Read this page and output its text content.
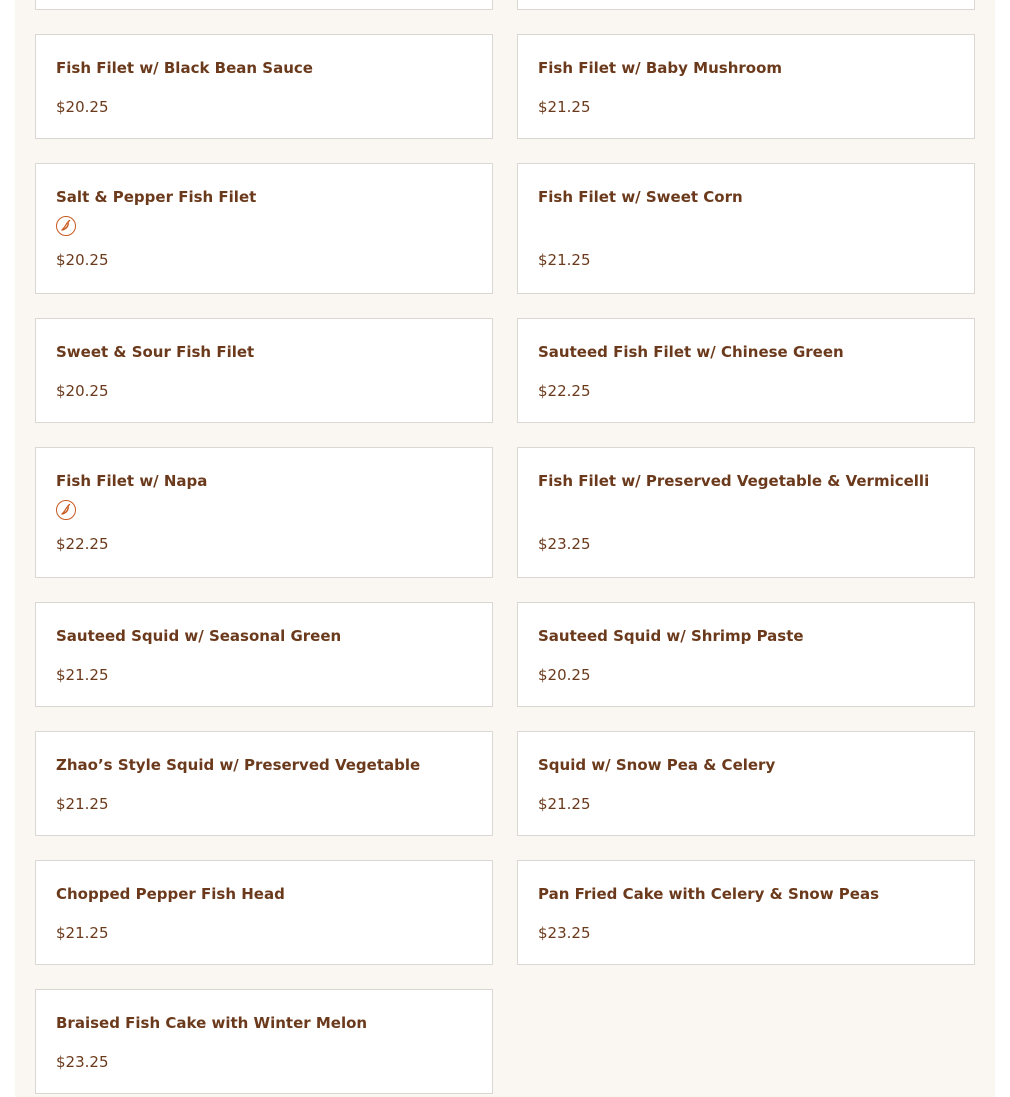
Fish Filet w/ Black Bean Sauce
$20.25
Fish Filet w/ Baby Mushroom
$21.25
Salt & Pepper Fish Filet
$20.25
Fish Filet w/ Sweet Corn
$21.25
Sweet & Sour Fish Filet
$20.25
Sauteed Fish Filet w/ Chinese Green
$22.25
Fish Filet w/ Napa
$22.25
Fish Filet w/ Preserved Vegetable & Vermicelli
$23.25
Sauteed Squid w/ Seasonal Green
$21.25
Sauteed Squid w/ Shrimp Paste
$20.25
Zhao’s Style Squid w/ Preserved Vegetable
$21.25
Squid w/ Snow Pea & Celery
$21.25
Chopped Pepper Fish Head
$21.25
Pan Fried Cake with Celery & Snow Peas
$23.25
Braised Fish Cake with Winter Melon
$23.25
